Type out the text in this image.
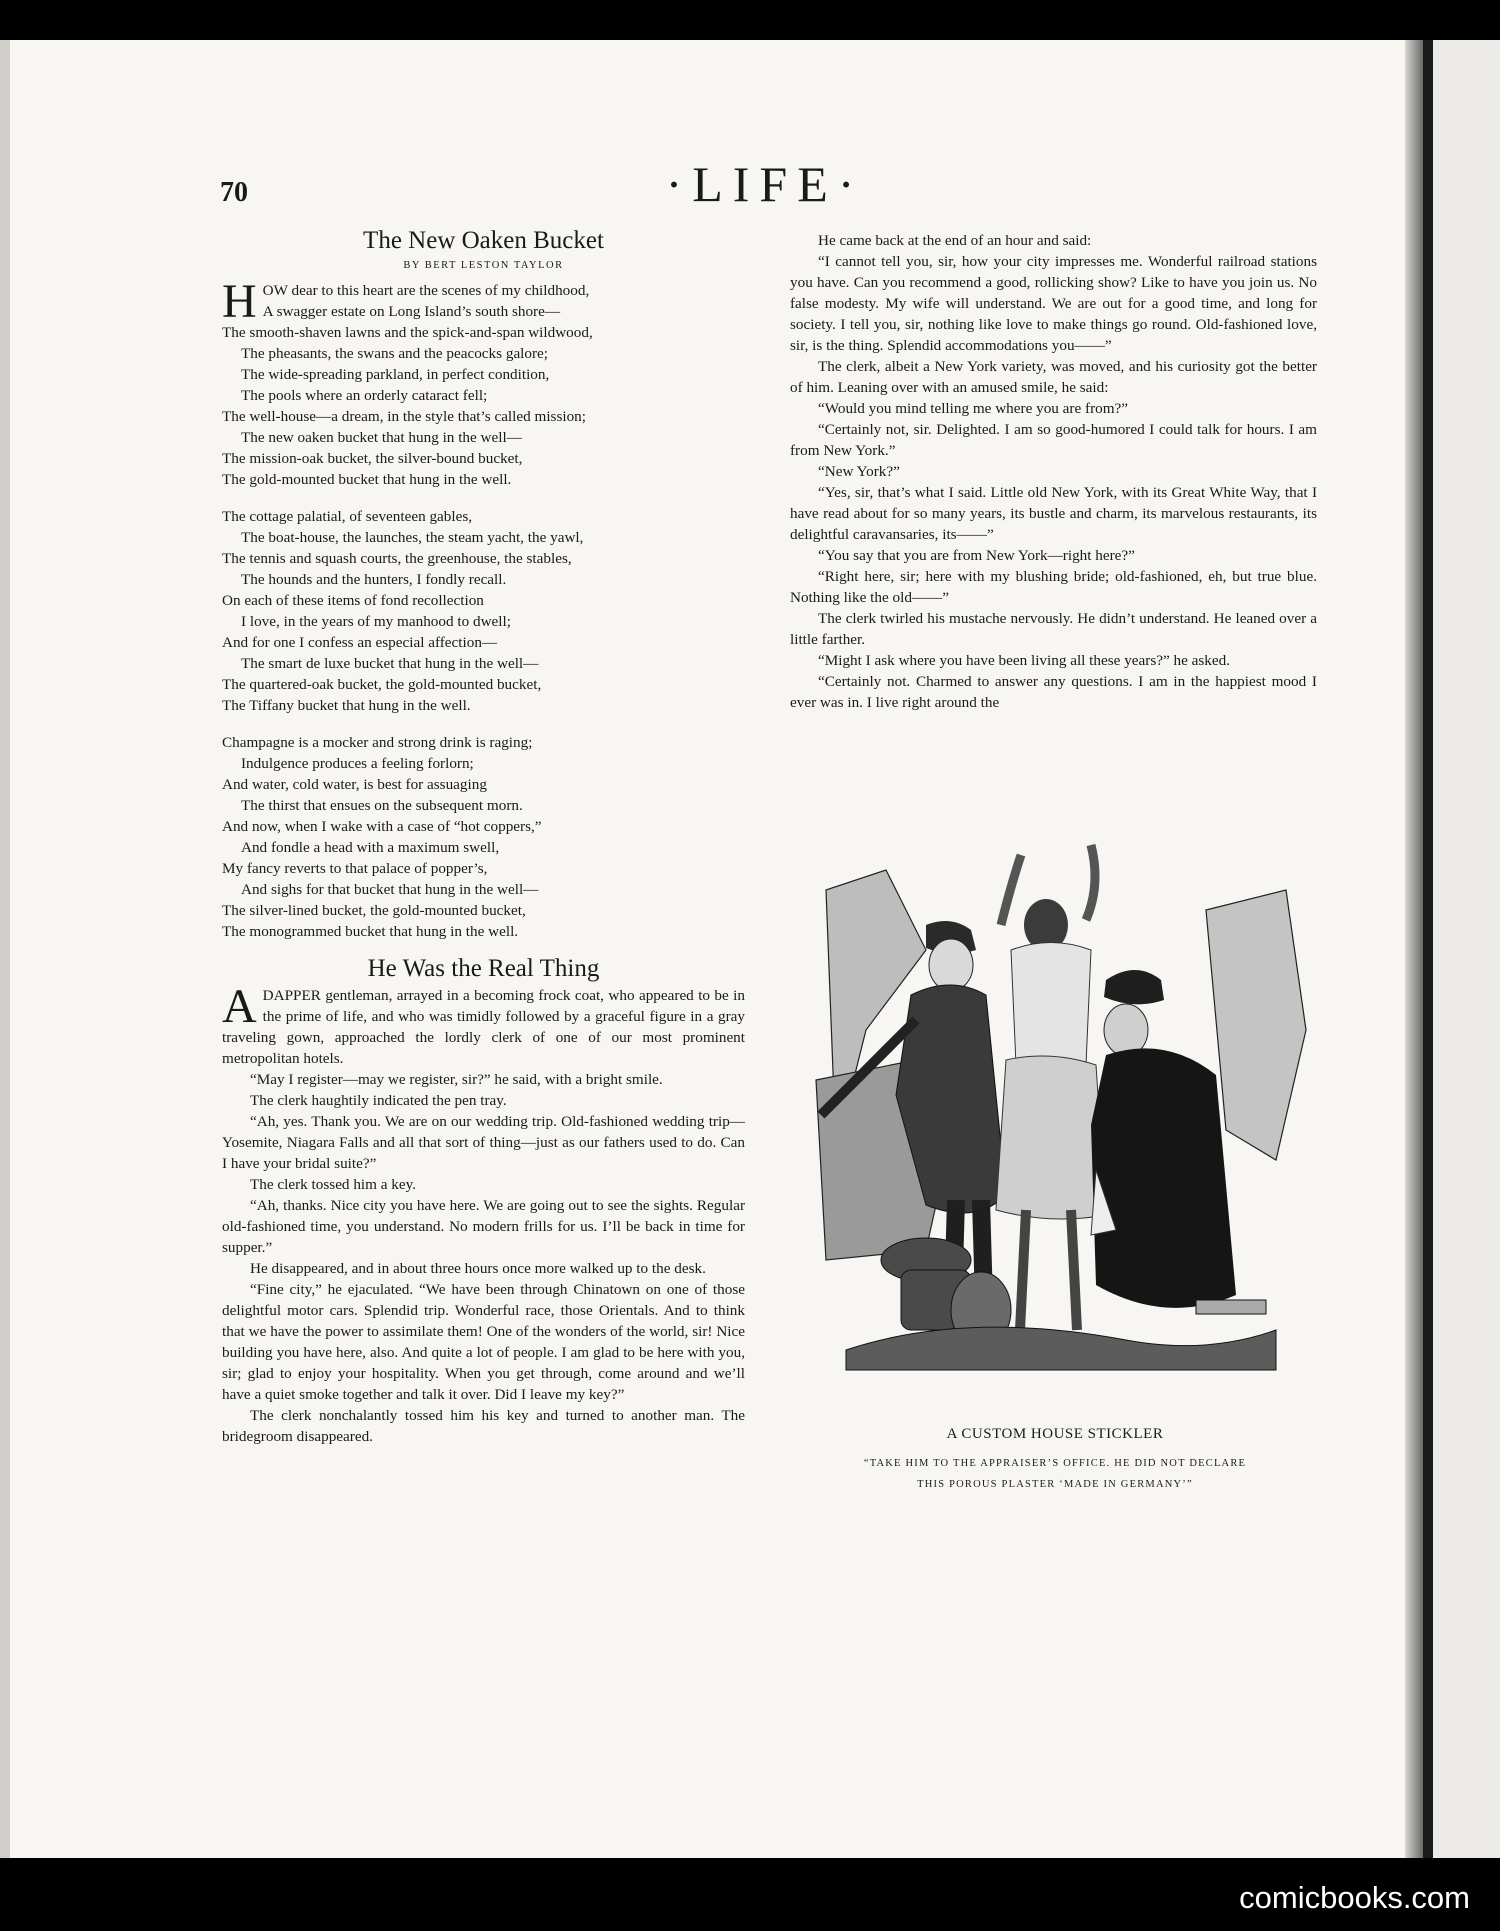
70	·LIFE·
The New Oaken Bucket
BY BERT LESTON TAYLOR
HOW dear to this heart are the scenes of my childhood,
A swagger estate on Long Island’s south shore—
The smooth-shaven lawns and the spick-and-span wildwood,
The pheasants, the swans and the peacocks galore;
The wide-spreading parkland, in perfect condition,
The pools where an orderly cataract fell;
The well-house—a dream, in the style that’s called mission;
The new oaken bucket that hung in the well—
The mission-oak bucket, the silver-bound bucket,
The gold-mounted bucket that hung in the well.
The cottage palatial, of seventeen gables,
The boat-house, the launches, the steam yacht, the yawl,
The tennis and squash courts, the greenhouse, the stables,
The hounds and the hunters, I fondly recall.
On each of these items of fond recollection
I love, in the years of my manhood to dwell;
And for one I confess an especial affection—
The smart de luxe bucket that hung in the well—
The quartered-oak bucket, the gold-mounted bucket,
The Tiffany bucket that hung in the well.
Champagne is a mocker and strong drink is raging;
Indulgence produces a feeling forlorn;
And water, cold water, is best for assuaging
The thirst that ensues on the subsequent morn.
And now, when I wake with a case of “hot coppers,”
And fondle a head with a maximum swell,
My fancy reverts to that palace of popper’s,
And sighs for that bucket that hung in the well—
The silver-lined bucket, the gold-mounted bucket,
The monogrammed bucket that hung in the well.
He Was the Real Thing
A DAPPER gentleman, arrayed in a becoming frock coat, who appeared to be in the prime of life, and who was timidly followed by a graceful figure in a gray traveling gown, approached the lordly clerk of one of our most prominent metropolitan hotels.

“May I register—may we register, sir?” he said, with a bright smile.

The clerk haughtily indicated the pen tray.

“Ah, yes. Thank you. We are on our wedding trip. Old-fashioned wedding trip—Yosemite, Niagara Falls and all that sort of thing—just as our fathers used to do. Can I have your bridal suite?”

The clerk tossed him a key.

“Ah, thanks. Nice city you have here. We are going out to see the sights. Regular old-fashioned time, you understand. No modern frills for us. I’ll be back in time for supper.”

He disappeared, and in about three hours once more walked up to the desk.

“Fine city,” he ejaculated. “We have been through Chinatown on one of those delightful motor cars. Splendid trip. Wonderful race, those Orientals. And to think that we have the power to assimilate them! One of the wonders of the world, sir! Nice building you have here, also. And quite a lot of people. I am glad to be here with you, sir; glad to enjoy your hospitality. When you get through, come around and we’ll have a quiet smoke together and talk it over. Did I leave my key?”

The clerk nonchalantly tossed him his key and turned to another man. The bridegroom disappeared.

He came back at the end of an hour and said:

“I cannot tell you, sir, how your city impresses me. Wonderful railroad stations you have. Can you recommend a good, rollicking show? Like to have you join us. No false modesty. My wife will understand. We are out for a good time, and long for society. I tell you, sir, nothing like love to make things go round. Old-fashioned love, sir, is the thing. Splendid accommodations you——”

The clerk, albeit a New York variety, was moved, and his curiosity got the better of him. Leaning over with an amused smile, he said:

“Would you mind telling me where you are from?”

“Certainly not, sir. Delighted. I am so good-humored I could talk for hours. I am from New York.”

“New York?”

“Yes, sir, that’s what I said. Little old New York, with its Great White Way, that I have read about for so many years, its bustle and charm, its marvelous restaurants, its delightful caravansaries, its——”

“You say that you are from New York—right here?”

“Right here, sir; here with my blushing bride; old-fashioned, eh, but true blue. Nothing like the old——”

The clerk twirled his mustache nervously. He didn’t understand. He leaned over a little farther.

“Might I ask where you have been living all these years?” he asked.

“Certainly not. Charmed to answer any questions. I am in the happiest mood I ever was in. I live right around the

A CUSTOM HOUSE STICKLER
“TAKE HIM TO THE APPRAISER’S OFFICE. HE DID NOT DECLARE
THIS POROUS PLASTER ‘MADE IN GERMANY’”
comicbooks.com
